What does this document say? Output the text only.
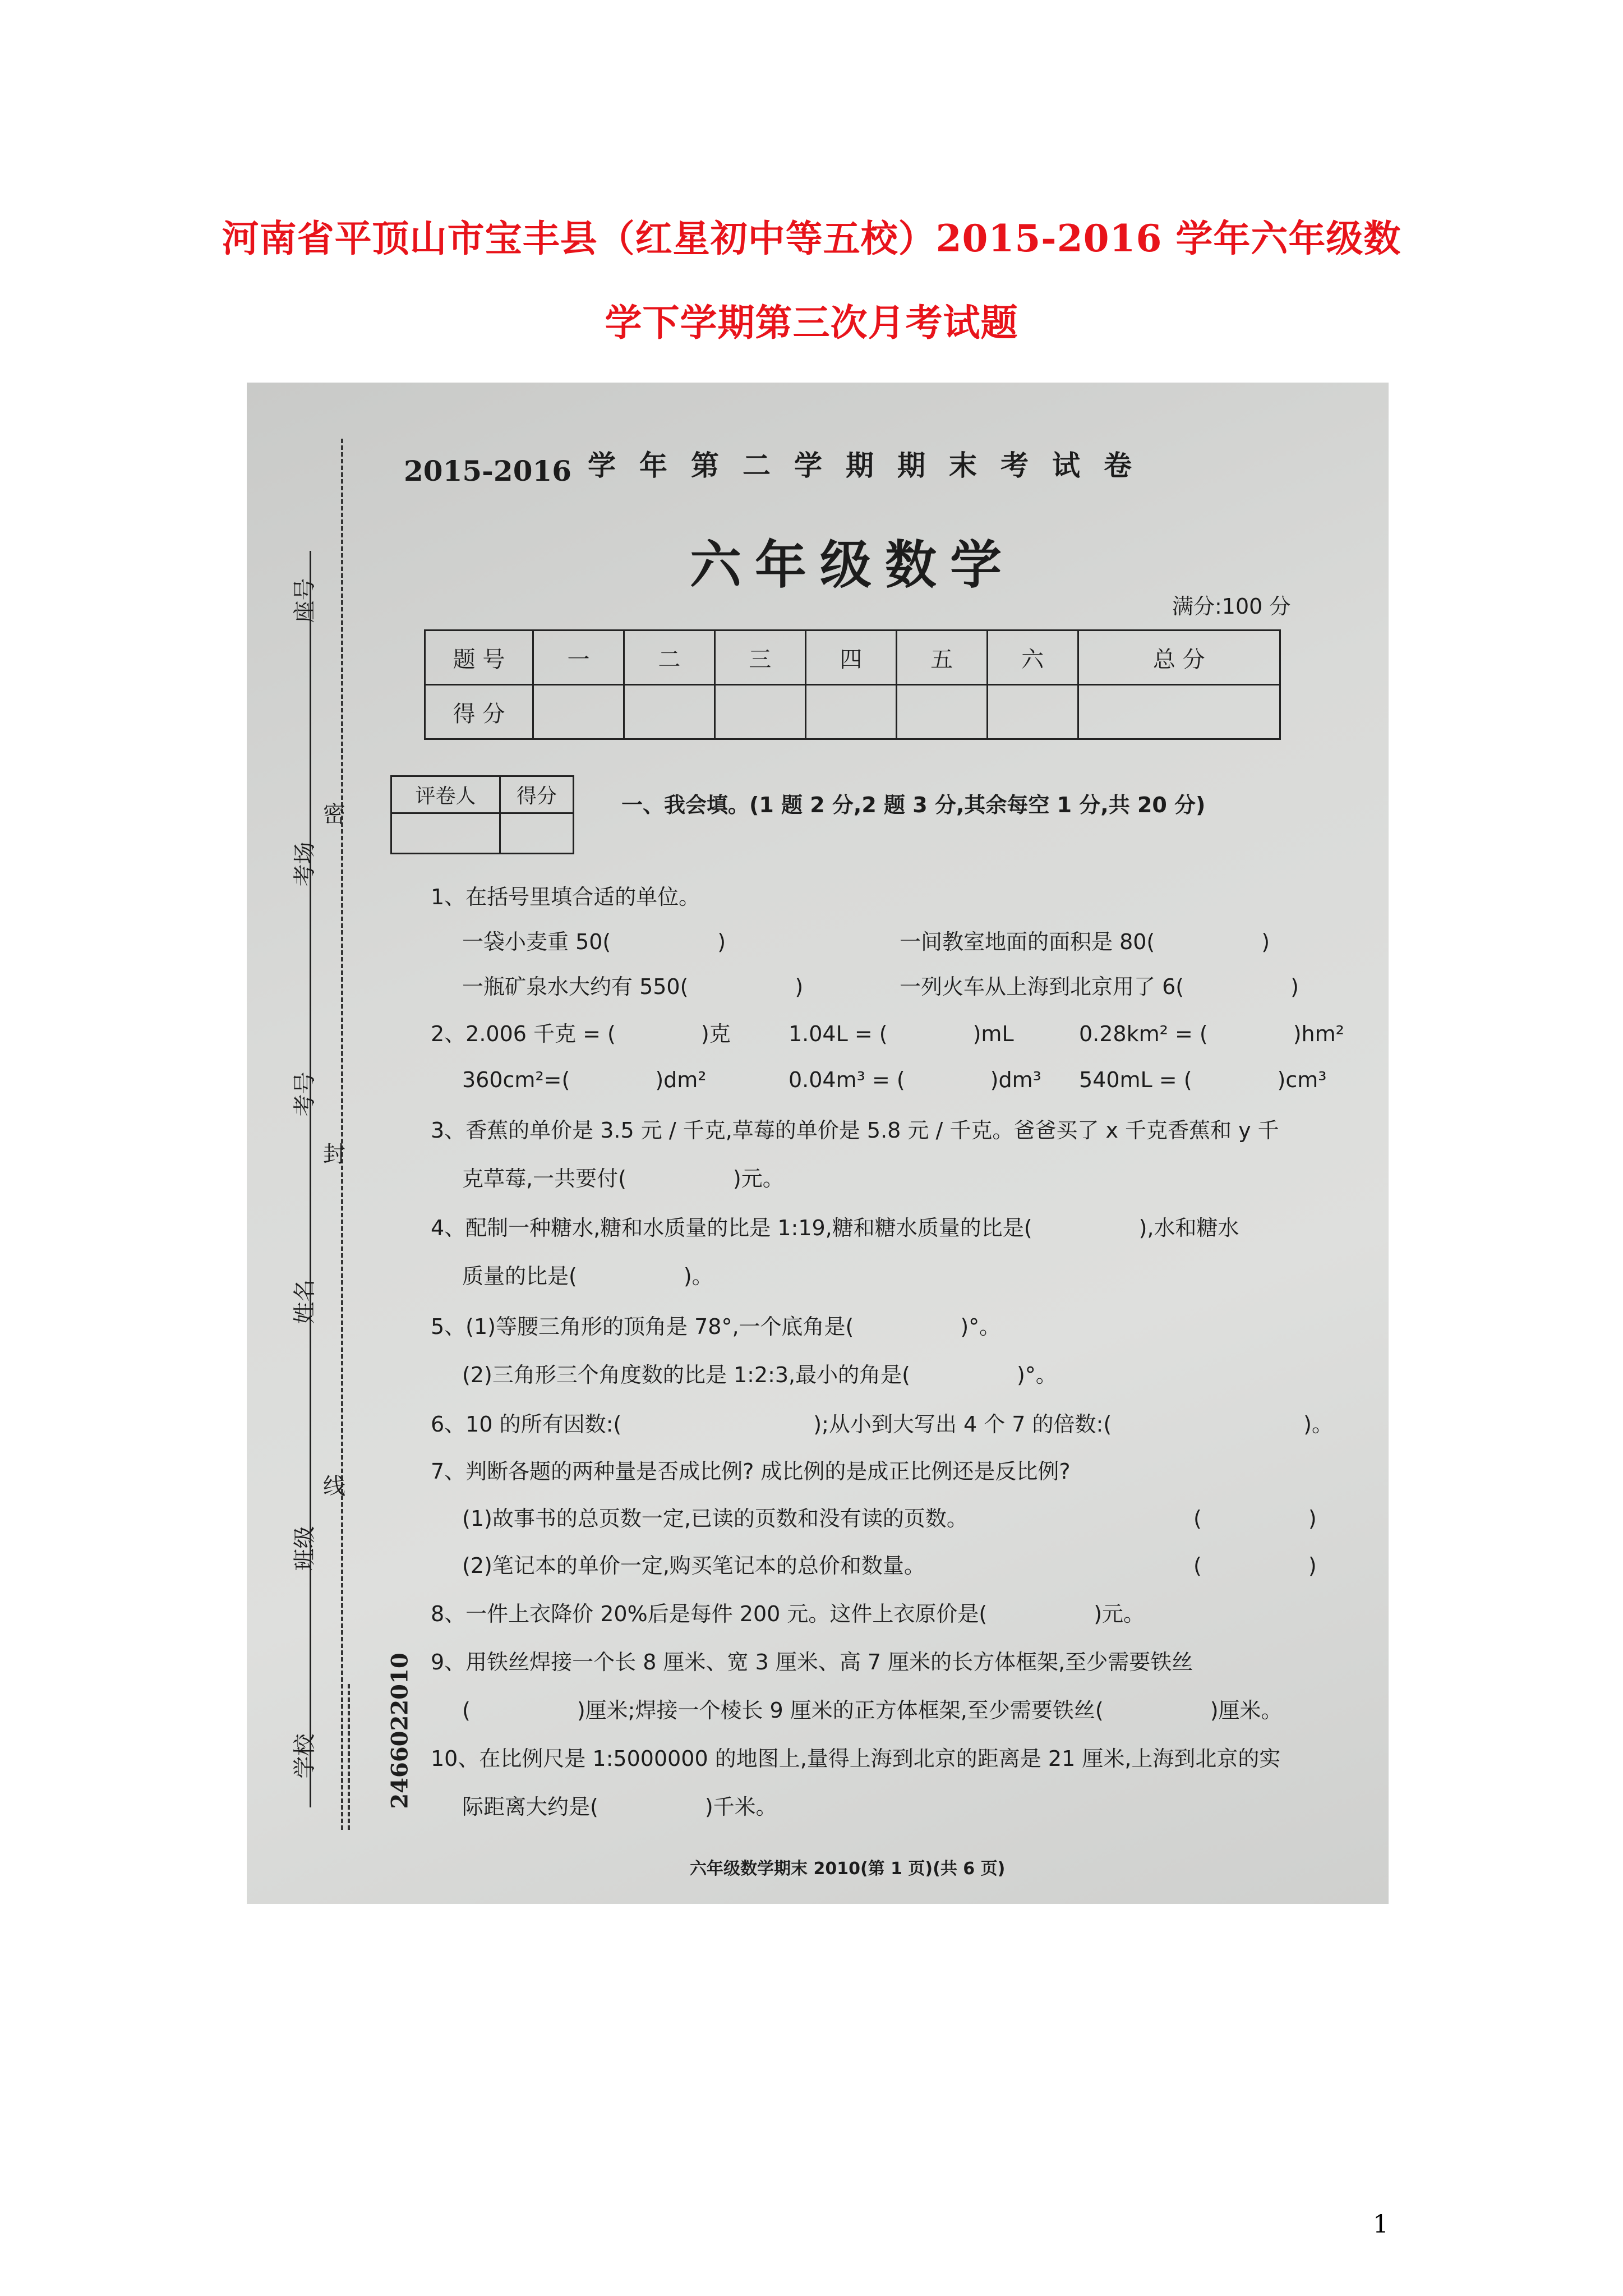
河南省平顶山市宝丰县（红星初中等五校）2015-2016 学年六年级数
学下学期第三次月考试题
座号
考场
考号
姓名
班级
学校	2466022010
密
封
线
2015-2016 学年第二学期期末考试卷
六年级数学
满分:100 分
题 号	一	二	三	四	五	六	总 分
得 分							
评卷人	得分
		一、我会填。(1 题 2 分,2 题 3 分,其余每空 1 分,共 20 分)
1、在括号里填合适的单位。
一袋小麦重 50(　　　　　)	一间教室地面的面积是 80(　　　　　)
一瓶矿泉水大约有 550(　　　　　)	一列火车从上海到北京用了 6(　　　　　)
2、2.006 千克 = (　　　　)克	1.04L = (　　　　)mL	0.28km² = (　　　　)hm²
360cm²=(　　　　)dm²	0.04m³ = (　　　　)dm³ 540mL = (　　　　)cm³
3、香蕉的单价是 3.5 元 / 千克,草莓的单价是 5.8 元 / 千克。爸爸买了 x 千克香蕉和 y 千
克草莓,一共要付(　　　　　)元。
4、配制一种糖水,糖和水质量的比是 1:19,糖和糖水质量的比是(　　　　　),水和糖水
质量的比是(　　　　　)。
5、(1)等腰三角形的顶角是 78°,一个底角是(　　　　　)°。
(2)三角形三个角度数的比是 1:2:3,最小的角是(　　　　　)°。
6、10 的所有因数:(　　　　　　　　　);从小到大写出 4 个 7 的倍数:(　　　　　　　　　)。
7、判断各题的两种量是否成比例? 成比例的是成正比例还是反比例?
(1)故事书的总页数一定,已读的页数和没有读的页数。	(　　　　　)
(2)笔记本的单价一定,购买笔记本的总价和数量。	(　　　　　)
8、一件上衣降价 20%后是每件 200 元。这件上衣原价是(　　　　　)元。
9、用铁丝焊接一个长 8 厘米、宽 3 厘米、高 7 厘米的长方体框架,至少需要铁丝
(　　　　　)厘米;焊接一个棱长 9 厘米的正方体框架,至少需要铁丝(　　　　　)厘米。
10、在比例尺是 1:5000000 的地图上,量得上海到北京的距离是 21 厘米,上海到北京的实
际距离大约是(　　　　　)千米。
六年级数学期末 2010(第 1 页)(共 6 页)
1
